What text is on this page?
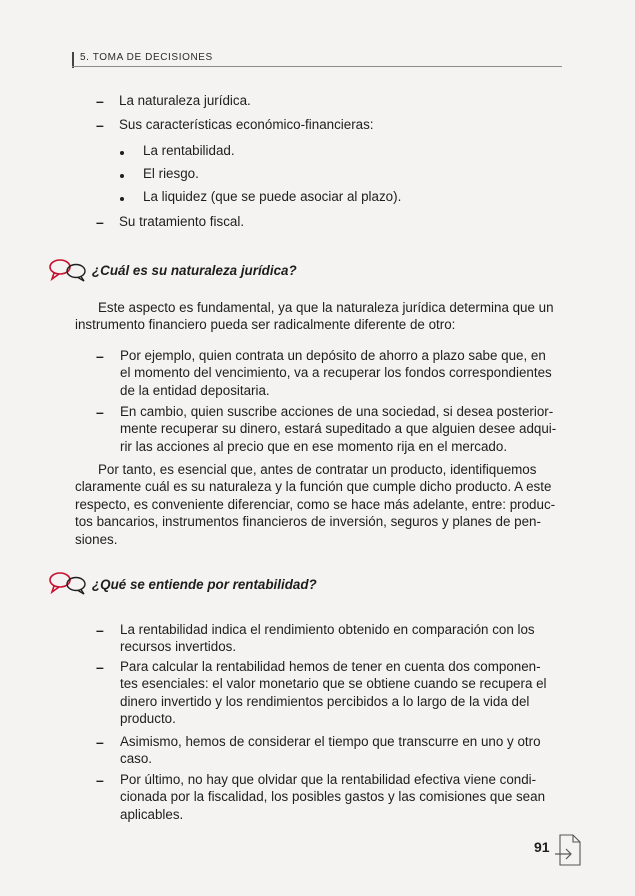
5. TOMA DE DECISIONES
– La naturaleza jurídica.
– Sus características económico-financieras:
La rentabilidad.
El riesgo.
La liquidez (que se puede asociar al plazo).
– Su tratamiento fiscal.
¿Cuál es su naturaleza jurídica?
Este aspecto es fundamental, ya que la naturaleza jurídica determina que un
instrumento financiero pueda ser radicalmente diferente de otro:
– Por ejemplo, quien contrata un depósito de ahorro a plazo sabe que, en
el momento del vencimiento, va a recuperar los fondos correspondientes
de la entidad depositaria.
– En cambio, quien suscribe acciones de una sociedad, si desea posterior-
mente recuperar su dinero, estará supeditado a que alguien desee adqui-
rir las acciones al precio que en ese momento rija en el mercado.
Por tanto, es esencial que, antes de contratar un producto, identifiquemos
claramente cuál es su naturaleza y la función que cumple dicho producto. A este
respecto, es conveniente diferenciar, como se hace más adelante, entre: produc-
tos bancarios, instrumentos financieros de inversión, seguros y planes de pen-
siones.
¿Qué se entiende por rentabilidad?
– La rentabilidad indica el rendimiento obtenido en comparación con los
recursos invertidos.
– Para calcular la rentabilidad hemos de tener en cuenta dos componen-
tes esenciales: el valor monetario que se obtiene cuando se recupera el
dinero invertido y los rendimientos percibidos a lo largo de la vida del
producto.
– Asimismo, hemos de considerar el tiempo que transcurre en uno y otro
caso.
– Por último, no hay que olvidar que la rentabilidad efectiva viene condi-
cionada por la fiscalidad, los posibles gastos y las comisiones que sean
aplicables.
91
